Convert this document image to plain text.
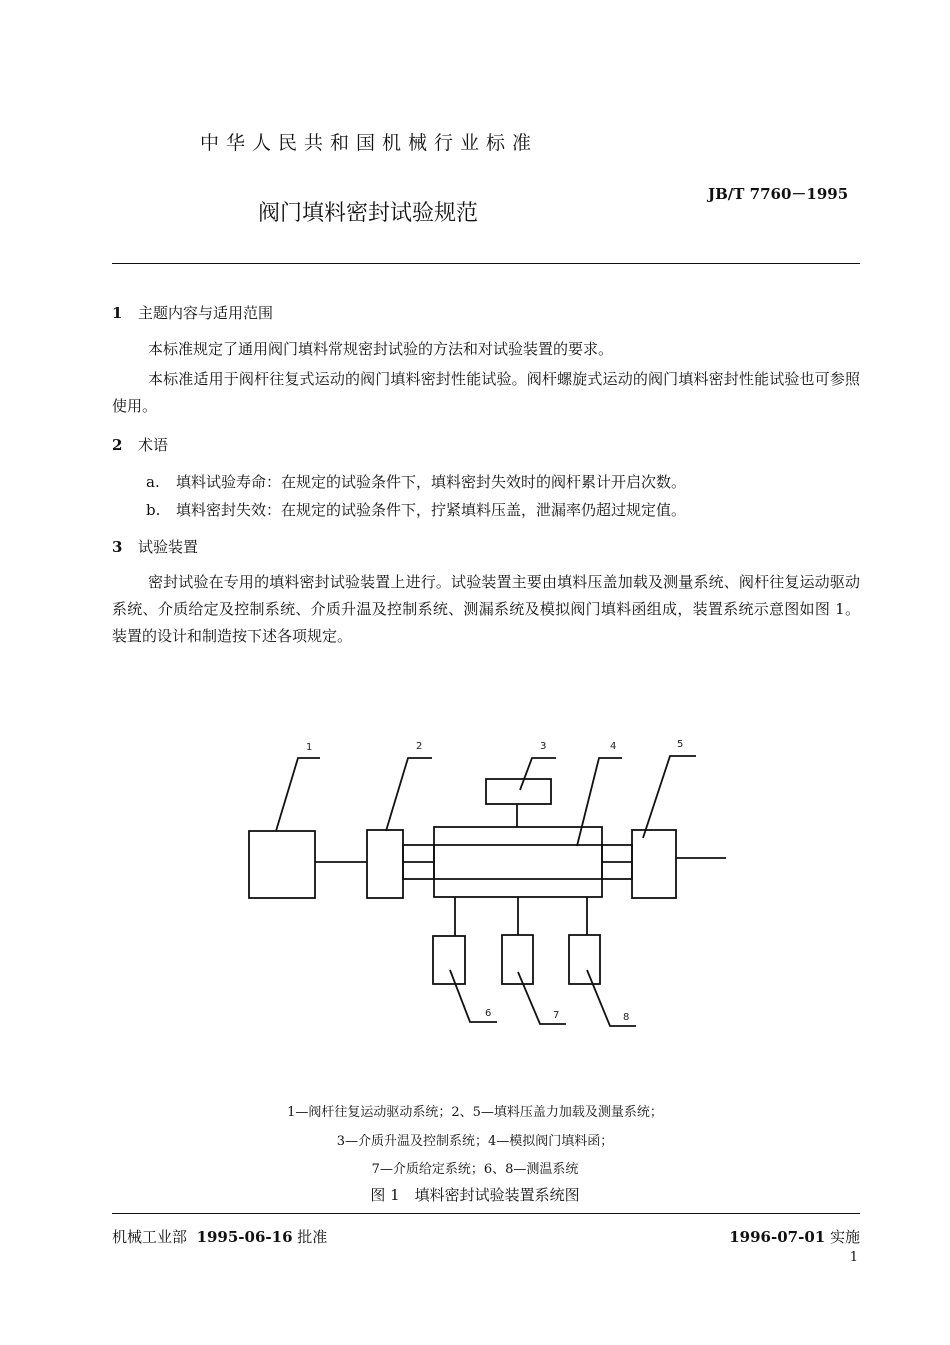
中华人民共和国机械行业标准
阀门填料密封试验规范
JB/T 7760－1995
1 主题内容与适用范围
本标准规定了通用阀门填料常规密封试验的方法和对试验装置的要求。
本标准适用于阀杆往复式运动的阀门填料密封性能试验。阀杆螺旋式运动的阀门填料密封性能试验也可参照使用。
2 术语
a. 填料试验寿命：在规定的试验条件下，填料密封失效时的阀杆累计开启次数。
b. 填料密封失效：在规定的试验条件下，拧紧填料压盖，泄漏率仍超过规定值。
3 试验装置
密封试验在专用的填料密封试验装置上进行。试验装置主要由填料压盖加载及测量系统、阀杆往复运动驱动系统、介质给定及控制系统、介质升温及控制系统、测漏系统及模拟阀门填料函组成，装置系统示意图如图 1。装置的设计和制造按下述各项规定。
1	2	3	4	5
6	7	8
1—阀杆往复运动驱动系统；2、5—填料压盖力加载及测量系统；
3—介质升温及控制系统；4—模拟阀门填料函；
7—介质给定系统；6、8—测温系统
图 1　填料密封试验装置系统图
机械工业部 1995-06-16 批准	1996-07-01 实施
1
